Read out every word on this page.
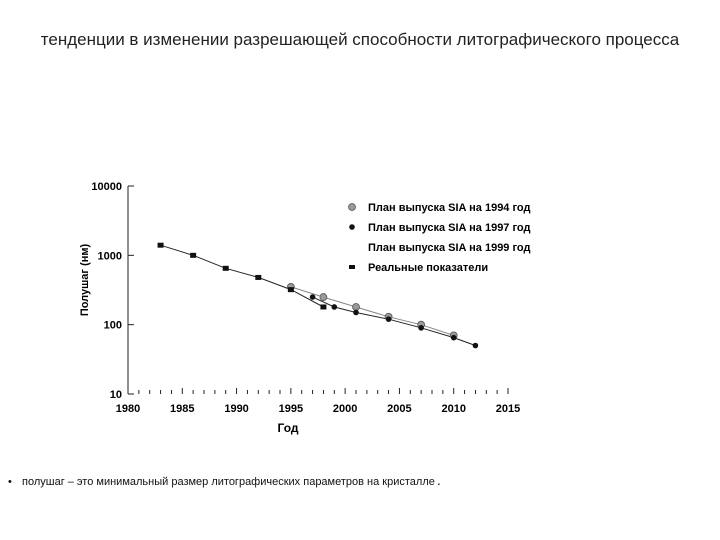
тенденции в изменении разрешающей способности литографического процесса
10
100
1000
10000
1980	1985	1990	1995	2000	2005	2010	2015
План выпуска SIA на 1994 год
План выпуска SIA на 1997 год
План выпуска SIA на 1999 год
Реальные показатели
Год
Полушаг (нм)
• полушаг – это минимальный размер литографических параметров на кристалле .
